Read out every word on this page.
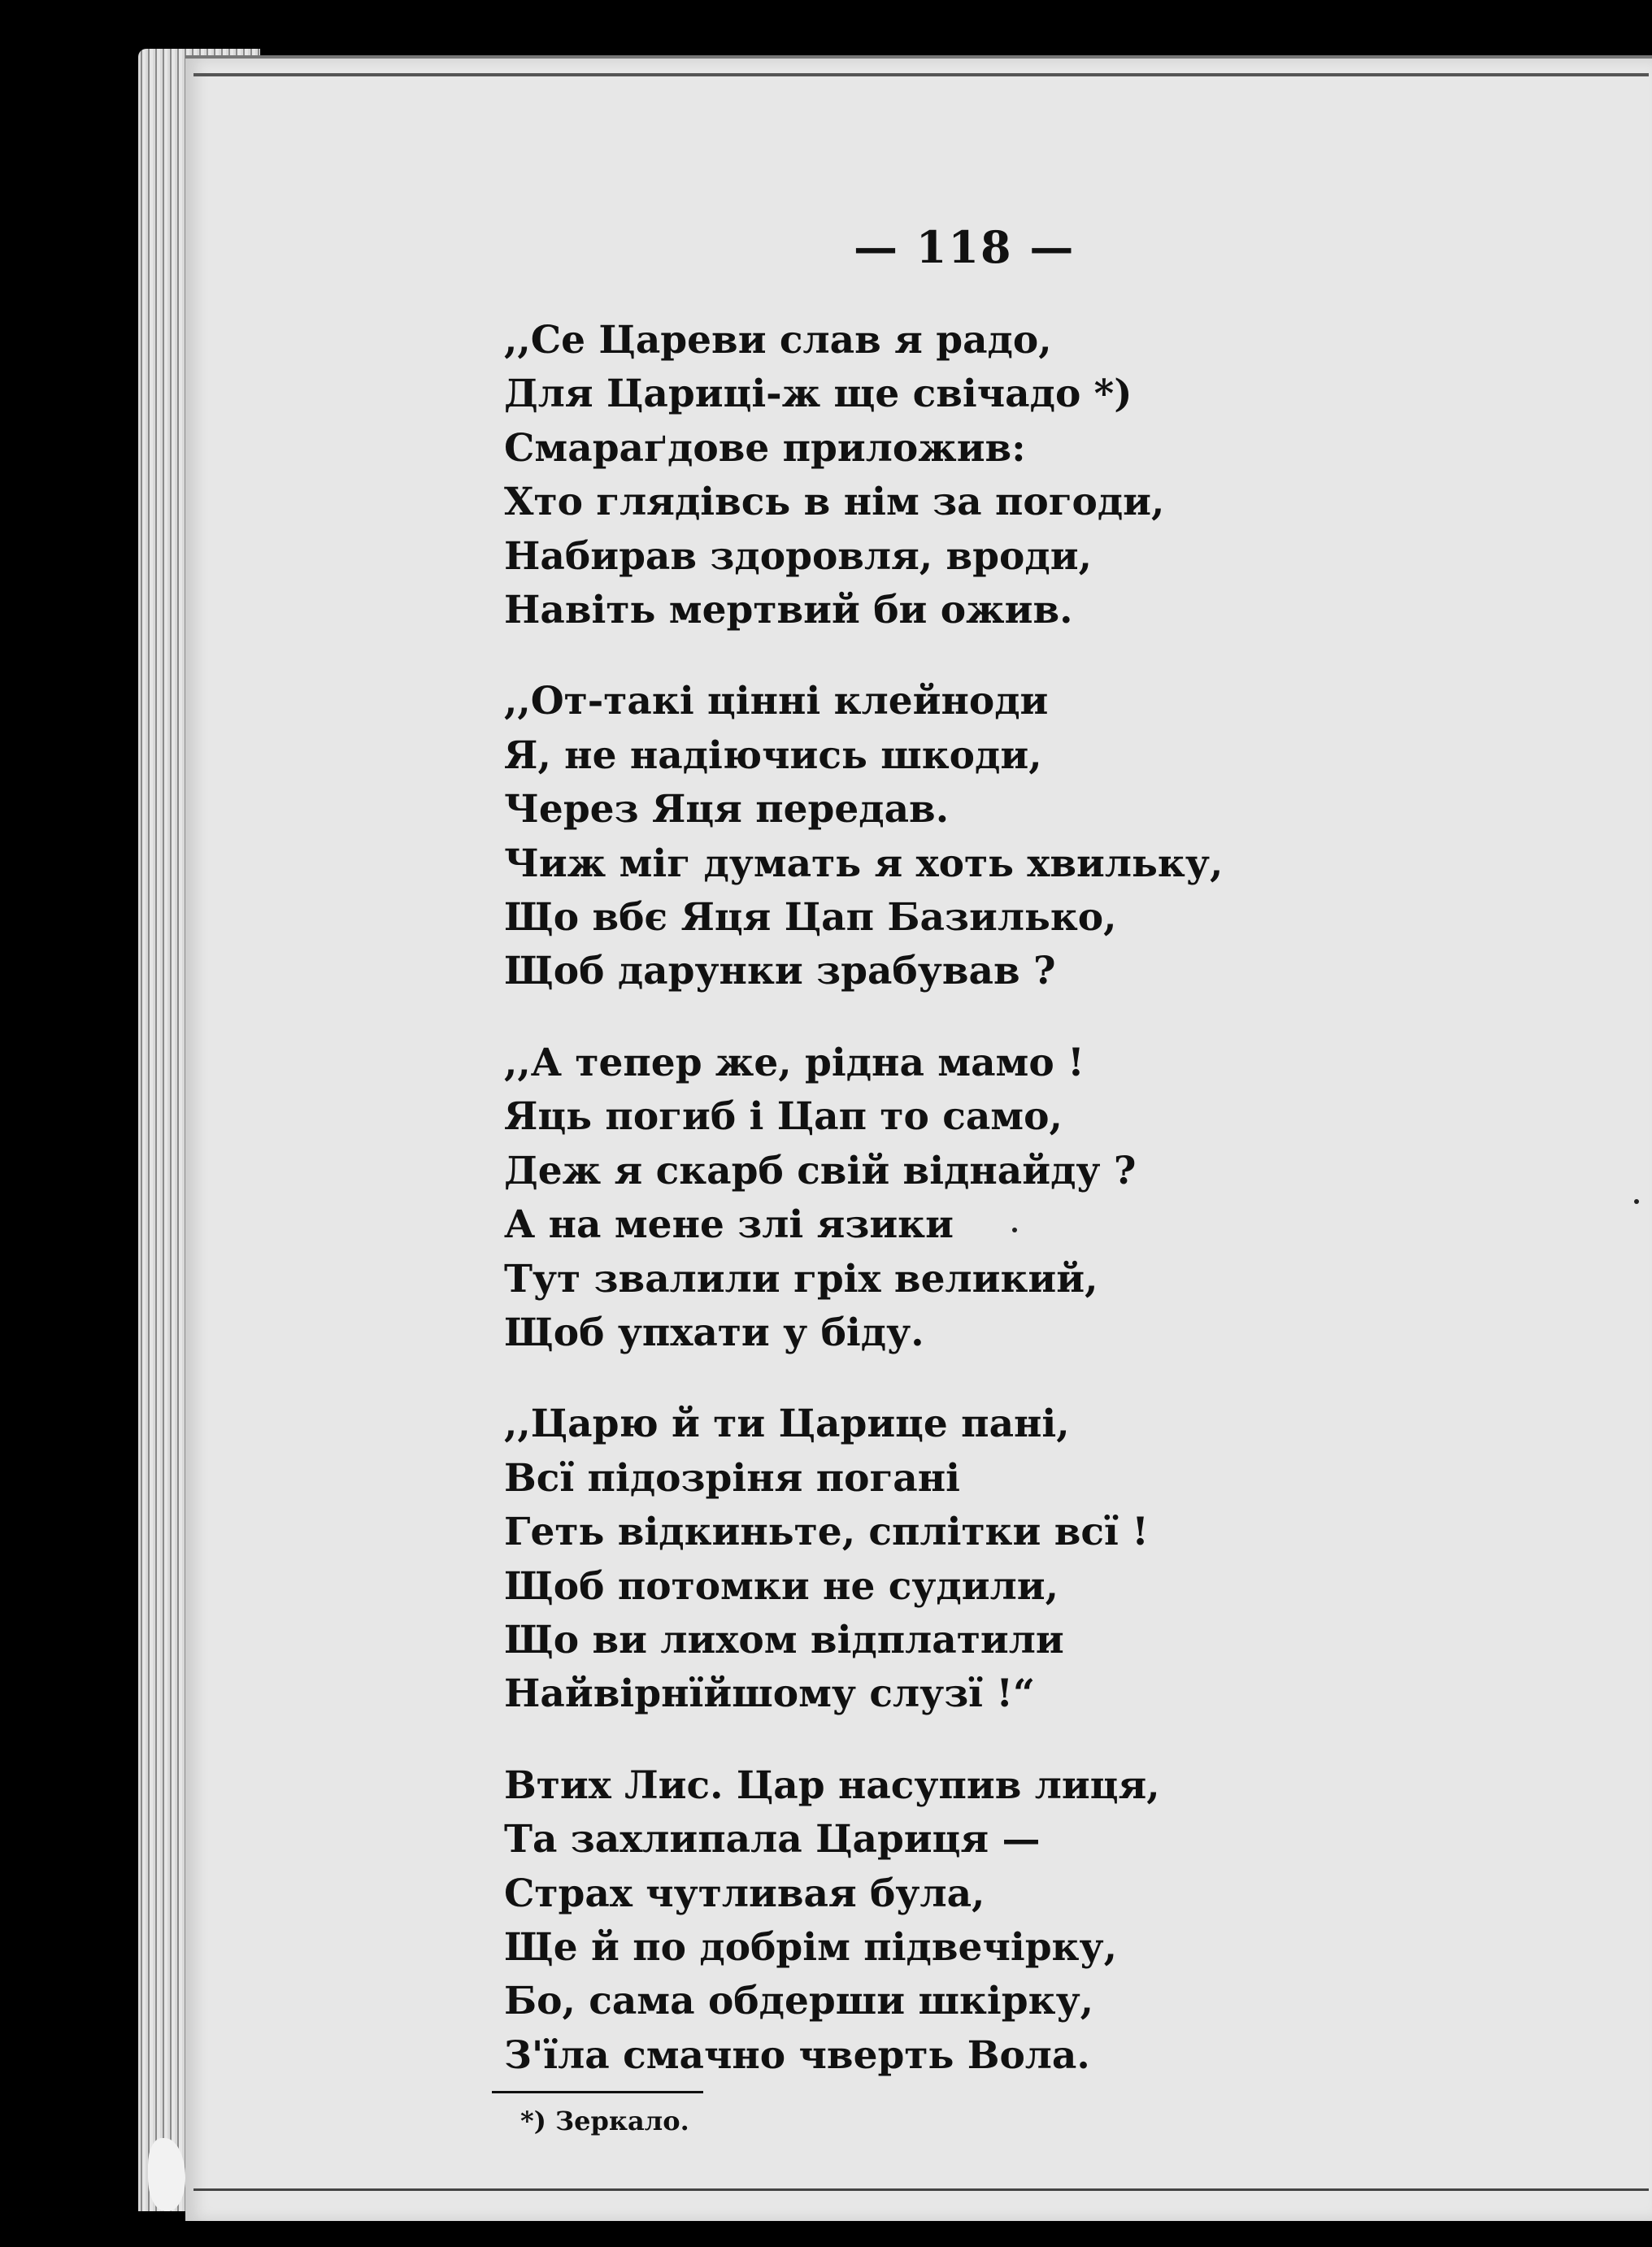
— 118 —
,,Се Цареви слав я радо,
Для Цариці-ж ще свічадо *)
Смараґдове приложив:
Хто глядівсь в нім за погоди,
Набирав здоровля, вроди,
Навіть мертвий би ожив.
,,От-такі цінні клейноди
Я, не надіючись шкоди,
Через Яця передав.
Чиж міг думать я хоть хвильку,
Що вбє Яця Цап Базилько,
Щоб дарунки зрабував ?
,,А тепер же, рідна мамо !
Яць погиб і Цап то само,
Деж я скарб свій віднайду ?
А на мене злі язики
Тут звалили гріх великий,
Щоб упхати у біду.
,,Царю й ти Царице пані,
Всї підозріня погані
Геть відкиньте, сплітки всї !
Щоб потомки не судили,
Що ви лихом відплатили
Найвірнїйшому слузї !“
Втих Лис. Цар насупив лиця,
Та захлипала Цариця —
Страх чутливая була,
Ще й по добрім підвечірку,
Бо, сама обдерши шкірку,
З'їла смачно чверть Вола.
*) Зеркало.
